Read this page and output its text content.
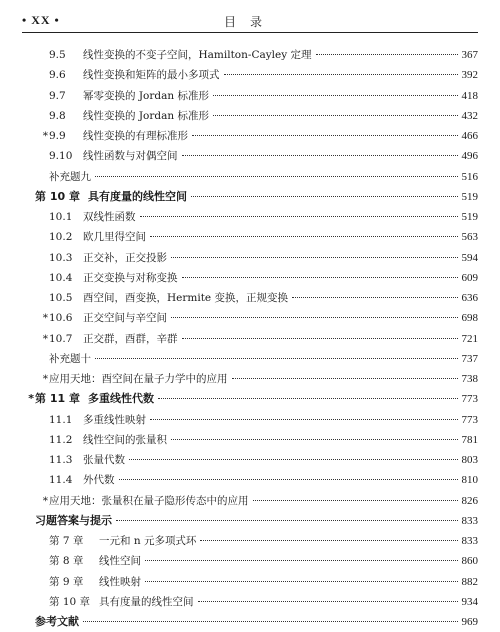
• XX •	目录
9.5	线性变换的不变子空间，Hamilton-Cayley 定理	367
9.6	线性变换和矩阵的最小多项式	392
9.7	幂零变换的 Jordan 标准形	418
9.8	线性变换的 Jordan 标准形	432
* 9.9	线性变换的有理标准形	466
9.10	线性函数与对偶空间	496
补充题九	516
第 10 章 具有度量的线性空间	519
10.1	双线性函数	519
10.2	欧几里得空间	563
10.3	正交补，正交投影	594
10.4	正交变换与对称变换	609
10.5	酉空间，酉变换，Hermite 变换，正规变换	636
* 10.6	正交空间与辛空间	698
* 10.7	正交群，酉群，辛群	721
补充题十	737
* 应用天地：酉空间在量子力学中的应用	738
* 第 11 章 多重线性代数	773
11.1	多重线性映射	773
11.2	线性空间的张量积	781
11.3	张量代数	803
11.4	外代数	810
* 应用天地：张量积在量子隐形传态中的应用	826
习题答案与提示	833
第 7 章	一元和 n 元多项式环	833
第 8 章	线性空间	860
第 9 章	线性映射	882
第 10 章 具有度量的线性空间	934
参考文献	969
